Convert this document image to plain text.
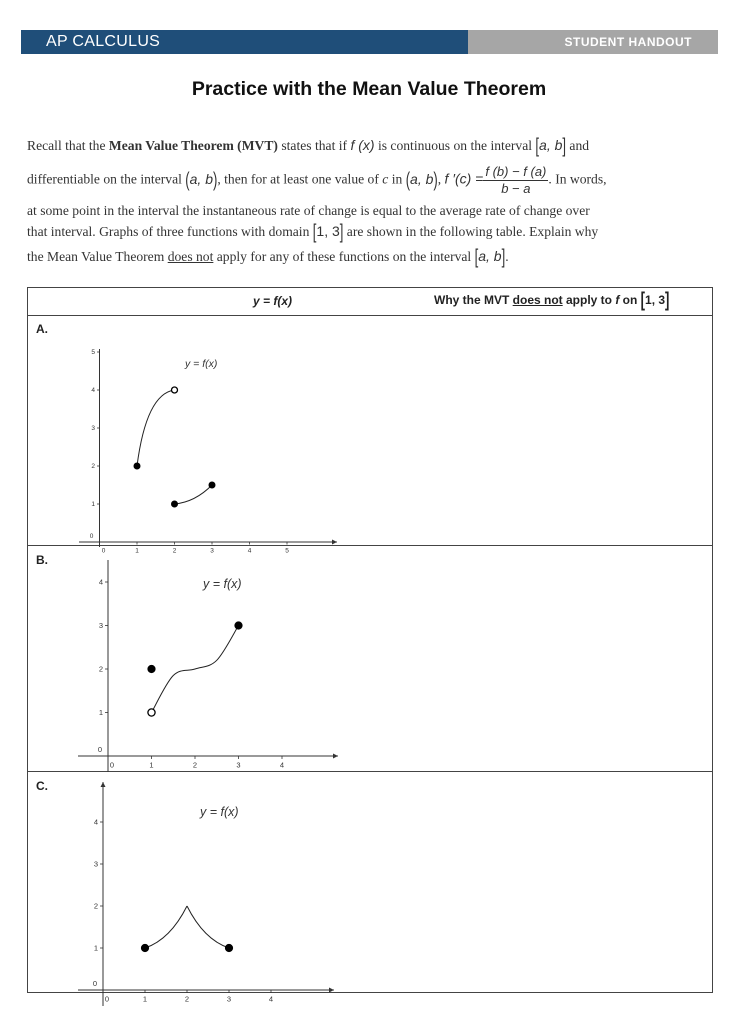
AP CALCULUS	STUDENT HANDOUT
Practice with the Mean Value Theorem
Recall that the Mean Value Theorem (MVT) states that if f (x) is continuous on the interval [a, b] and
differentiable on the interval (a, b), then for at least one value of c in (a, b), f $'(c) = \frac{f (b) - f (a)}{b - a}$ . In words,
at some point in the interval the instantaneous rate of change is equal to the average rate of change over
that interval. Graphs of three functions with domain [1, 3] are shown in the following table. Explain why
the Mean Value Theorem does not apply for any of these functions on the interval [a, b].
y = f(x)	Why the MVT does not apply to f on [1, 3]
A.
0	1	2	3	4	5
0
1
2
3
4
5
y = f(x)
B.
0	1	2	3	4
0
1
2
3
4	y = f(x)
C.
0	1	2	3	4
0
1
2
3
4
y = f(x)
